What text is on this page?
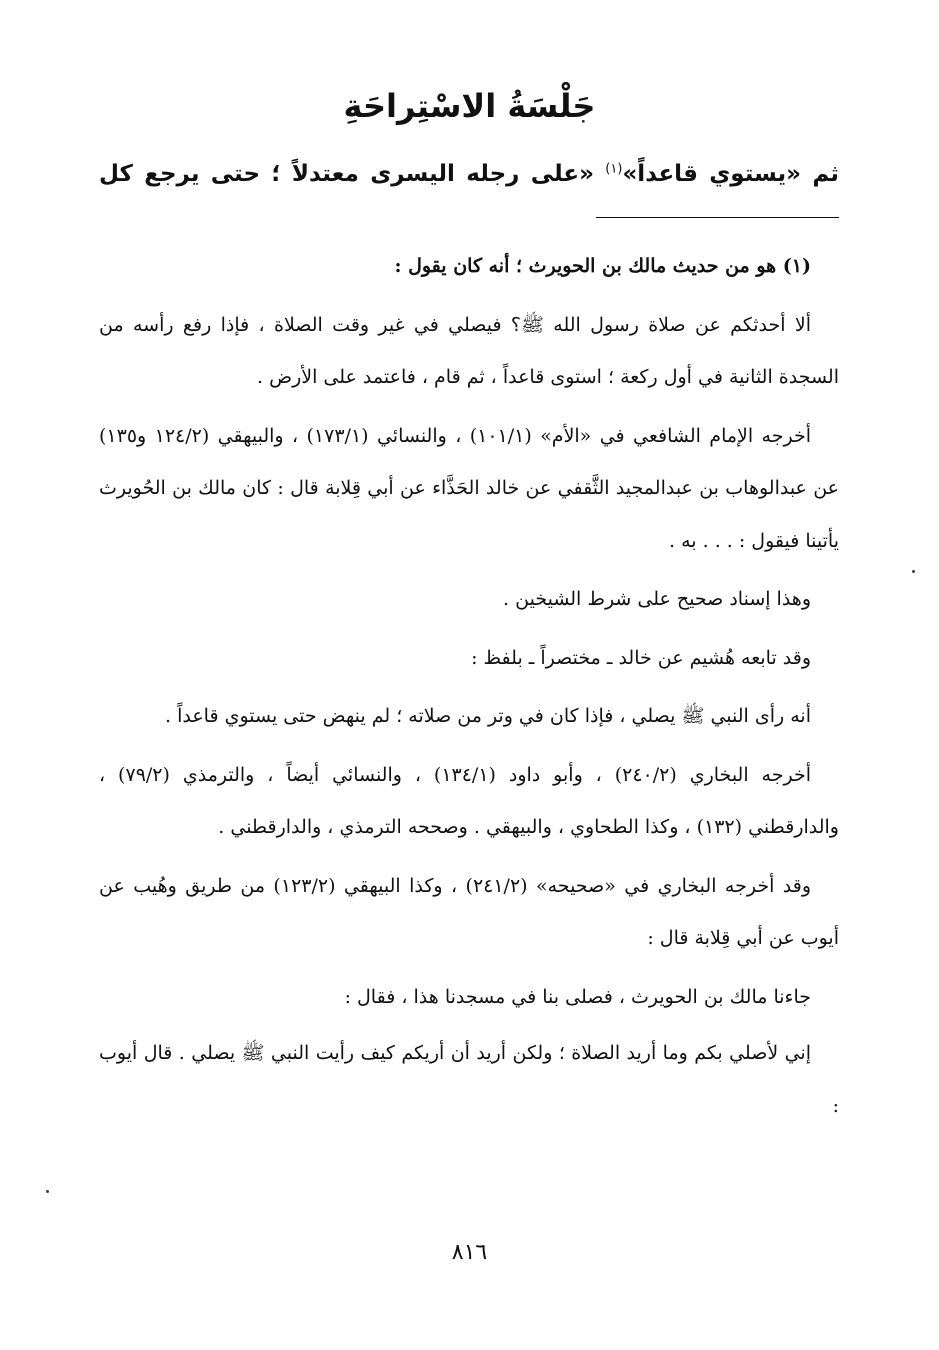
جَلْسَةُ الاسْتِراحَةِ
ثم «يستوي قاعداً»$^{(١)}$ «على رجله اليسرى معتدلاً ؛ حتى يرجع كل

(١) هو من حديث مالك بن الحويرث ؛ أنه كان يقول :

ألا أحدثكم عن صلاة رسول الله ﷺ؟ فيصلي في غير وقت الصلاة ، فإذا رفع رأسه من السجدة الثانية في أول ركعة ؛ استوى قاعداً ، ثم قام ، فاعتمد على الأرض .

أخرجه الإمام الشافعي في «الأم» (١٠١/١) ، والنسائي (١٧٣/١) ، والبيهقي (١٢٤/٢ و١٣٥) عن عبدالوهاب بن عبدالمجيد الثَّقفي عن خالد الحَذَّاء عن أبي قِلابة قال : كان مالك بن الحُويرث يأتينا فيقول : . . . به .

وهذا إسناد صحيح على شرط الشيخين .

وقد تابعه هُشيم عن خالد ـ مختصراً ـ بلفظ :

أنه رأى النبي ﷺ يصلي ، فإذا كان في وتر من صلاته ؛ لم ينهض حتى يستوي قاعداً .

أخرجه البخاري (٢٤٠/٢) ، وأبو داود (١٣٤/١) ، والنسائي أيضاً ، والترمذي (٧٩/٢) ، والدارقطني (١٣٢) ، وكذا الطحاوي ، والبيهقي . وصححه الترمذي ، والدارقطني .

وقد أخرجه البخاري في «صحيحه» (٢٤١/٢) ، وكذا البيهقي (١٢٣/٢) من طريق وهُيب عن أيوب عن أبي قِلابة قال :

جاءنا مالك بن الحويرث ، فصلى بنا في مسجدنا هذا ، فقال :

إني لأصلي بكم وما أريد الصلاة ؛ ولكن أريد أن أريكم كيف رأيت النبي ﷺ يصلي . قال أيوب :

٨١٦
